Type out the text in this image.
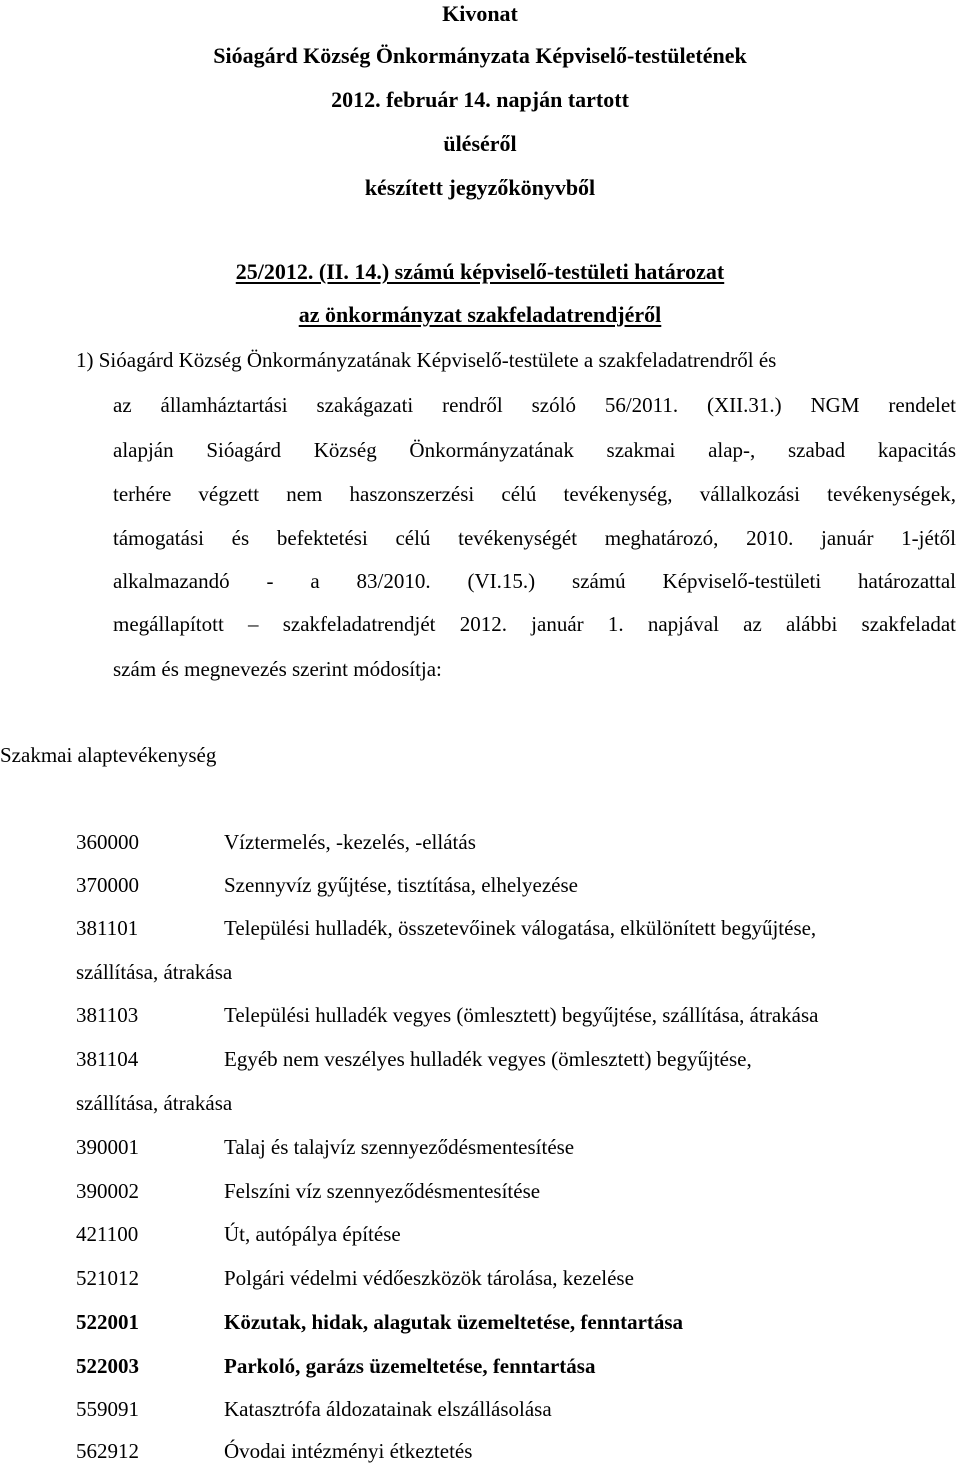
Kivonat
Sióagárd Község Önkormányzata Képviselő-testületének
2012. február 14. napján tartott
üléséről
készített jegyzőkönyvből
25/2012. (II. 14.) számú képviselő-testületi határozat
az önkormányzat szakfeladatrendjéről
1) Sióagárd Község Önkormányzatának Képviselő-testülete a szakfeladatrendről és
az államháztartási szakágazati rendről szóló 56/2011. (XII.31.) NGM rendelet
alapján Sióagárd Község Önkormányzatának szakmai alap-, szabad kapacitás
terhére végzett nem haszonszerzési célú tevékenység, vállalkozási tevékenységek,
támogatási és befektetési célú tevékenységét meghatározó, 2010. január 1-jétől
alkalmazandó - a 83/2010. (VI.15.) számú Képviselő-testületi határozattal
megállapított – szakfeladatrendjét 2012. január 1. napjával az alábbi szakfeladat
szám és megnevezés szerint módosítja:
Szakmai alaptevékenység
360000	Víztermelés, -kezelés, -ellátás
370000	Szennyvíz gyűjtése, tisztítása, elhelyezése
381101	Települési hulladék, összetevőinek válogatása, elkülönített begyűjtése,
szállítása, átrakása
381103	Települési hulladék vegyes (ömlesztett) begyűjtése, szállítása, átrakása
381104	Egyéb nem veszélyes hulladék vegyes (ömlesztett) begyűjtése,
szállítása, átrakása
390001	Talaj és talajvíz szennyeződésmentesítése
390002	Felszíni víz szennyeződésmentesítése
421100	Út, autópálya építése
521012	Polgári védelmi védőeszközök tárolása, kezelése
522001	Közutak, hidak, alagutak üzemeltetése, fenntartása
522003	Parkoló, garázs üzemeltetése, fenntartása
559091	Katasztrófa áldozatainak elszállásolása
562912	Óvodai intézményi étkeztetés
